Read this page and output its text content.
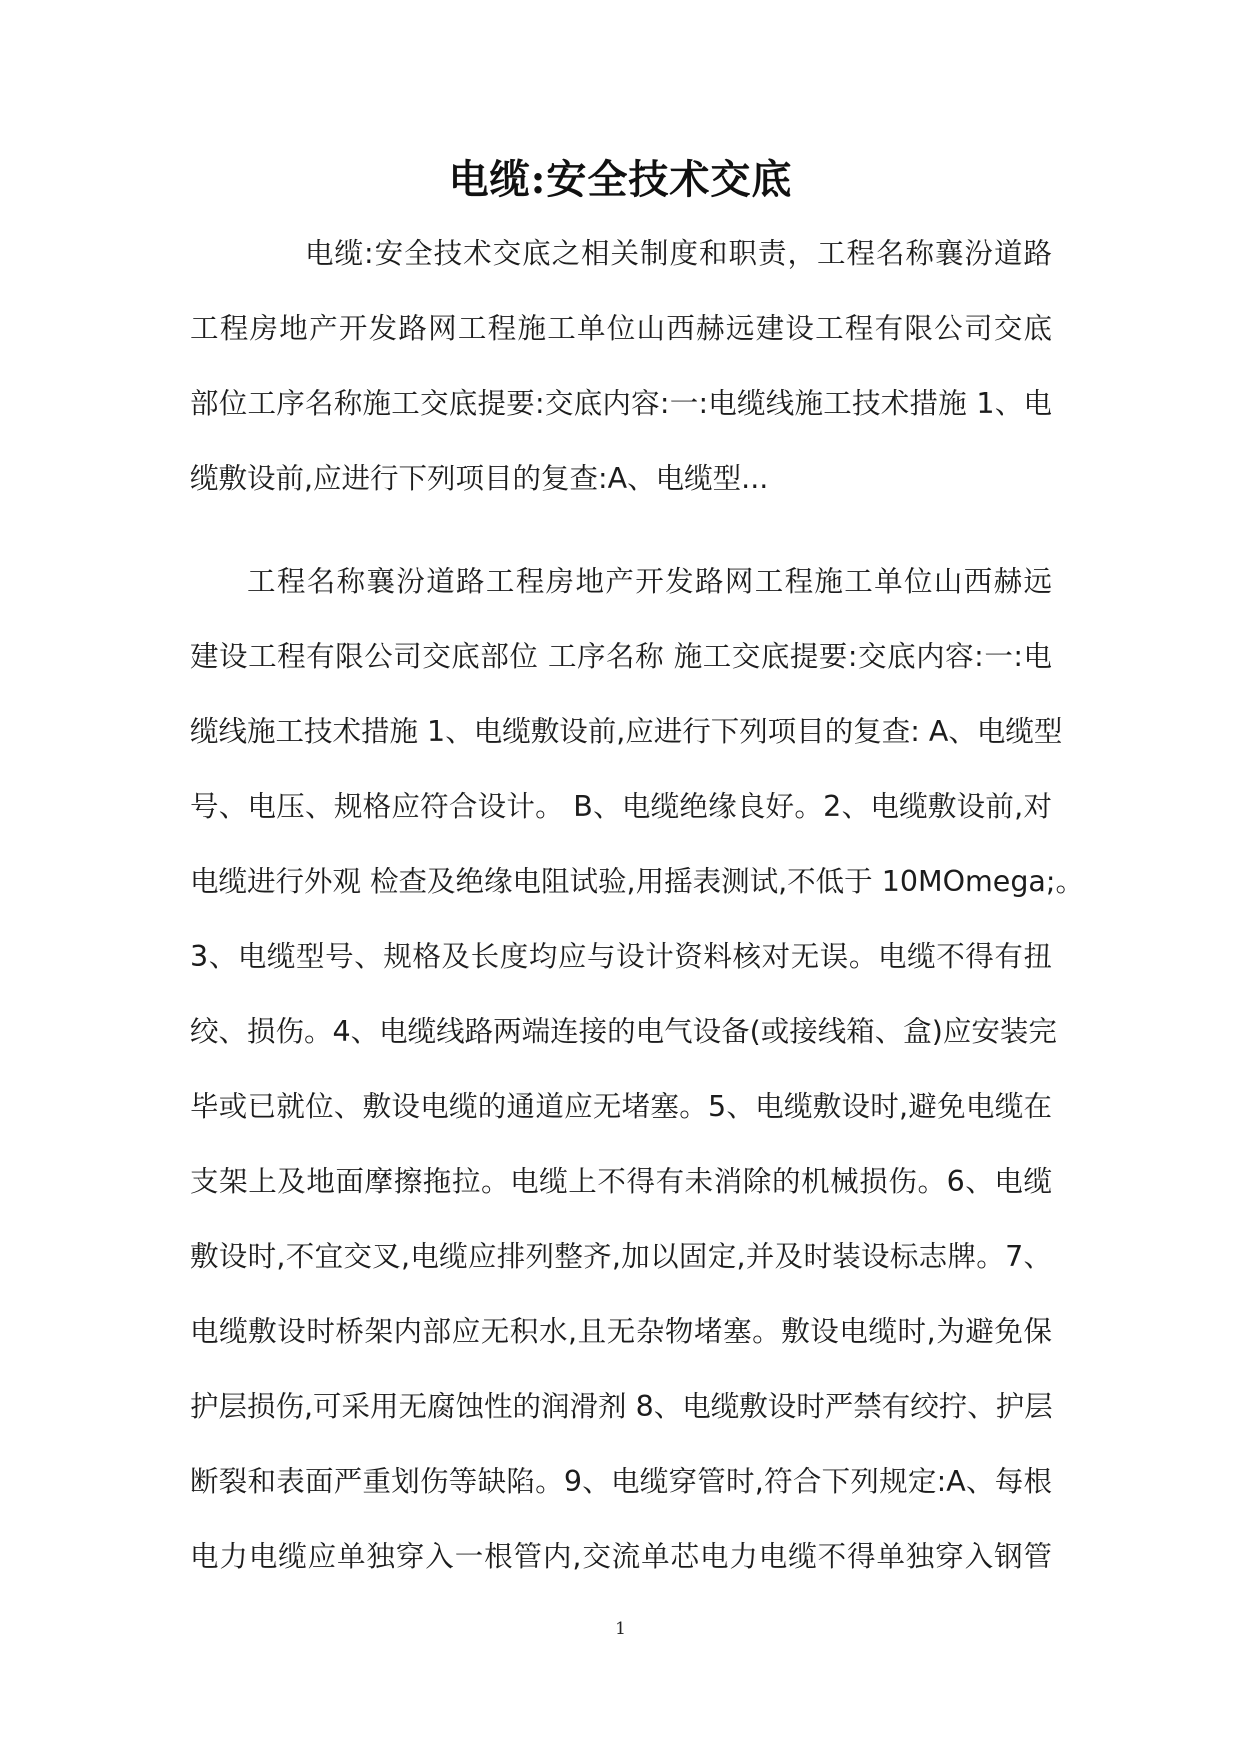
电缆:安全技术交底
电缆:安全技术交底之相关制度和职责，工程名称襄汾道路
工程房地产开发路网工程施工单位山西赫远建设工程有限公司交底
部位工序名称施工交底提要:交底内容:一:电缆线施工技术措施 1、电
缆敷设前,应进行下列项目的复查:A、电缆型...
工程名称襄汾道路工程房地产开发路网工程施工单位山西赫远
建设工程有限公司交底部位 工序名称 施工交底提要:交底内容:一:电
缆线施工技术措施 1、电缆敷设前,应进行下列项目的复查: A、电缆型
号、电压、规格应符合设计。 B、电缆绝缘良好。2、电缆敷设前,对
电缆进行外观 检查及绝缘电阻试验,用摇表测试,不低于 10MOmega;。
3、电缆型号、规格及长度均应与设计资料核对无误。电缆不得有扭
绞、损伤。4、电缆线路两端连接的电气设备(或接线箱、盒)应安装完
毕或已就位、敷设电缆的通道应无堵塞。5、电缆敷设时,避免电缆在
支架上及地面摩擦拖拉。电缆上不得有未消除的机械损伤。6、电缆
敷设时,不宜交叉,电缆应排列整齐,加以固定,并及时装设标志牌。7、
电缆敷设时桥架内部应无积水,且无杂物堵塞。敷设电缆时,为避免保
护层损伤,可采用无腐蚀性的润滑剂 8、电缆敷设时严禁有绞拧、护层
断裂和表面严重划伤等缺陷。9、电缆穿管时,符合下列规定:A、每根
电力电缆应单独穿入一根管内,交流单芯电力电缆不得单独穿入钢管
1
